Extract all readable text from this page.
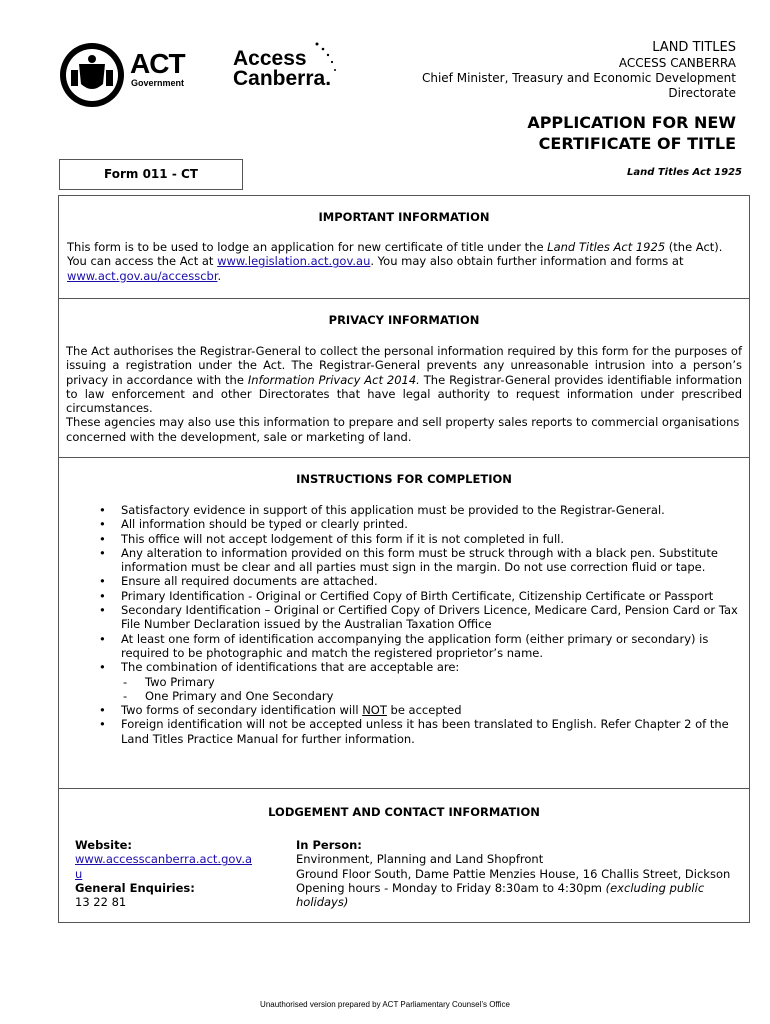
ACT
Government
Access
Canberra.
LAND TITLES
ACCESS CANBERRA
Chief Minister, Treasury and Economic Development
Directorate
APPLICATION FOR NEW
CERTIFICATE OF TITLE
Form 011 - CT	Land Titles Act 1925
IMPORTANT INFORMATION

This form is to be used to lodge an application for new certificate of title under the Land Titles Act 1925 (the Act). You can access the Act at www.legislation.act.gov.au. You may also obtain further information and forms at www.act.gov.au/accesscbr.

PRIVACY INFORMATION

The Act authorises the Registrar-General to collect the personal information required by this form for the purposes of issuing a registration under the Act. The Registrar-General prevents any unreasonable intrusion into a person’s privacy in accordance with the Information Privacy Act 2014. The Registrar-General provides identifiable information to law enforcement and other Directorates that have legal authority to request information under prescribed circumstances.

These agencies may also use this information to prepare and sell property sales reports to commercial organisations concerned with the development, sale or marketing of land.

INSTRUCTIONS FOR COMPLETION
• Satisfactory evidence in support of this application must be provided to the Registrar-General.
• All information should be typed or clearly printed.
• This office will not accept lodgement of this form if it is not completed in full.
• Any alteration to information provided on this form must be struck through with a black pen. Substitute information must be clear and all parties must sign in the margin. Do not use correction fluid or tape.
• Ensure all required documents are attached.
• Primary Identification - Original or Certified Copy of Birth Certificate, Citizenship Certificate or Passport
• Secondary Identification – Original or Certified Copy of Drivers Licence, Medicare Card, Pension Card or Tax File Number Declaration issued by the Australian Taxation Office
• At least one form of identification accompanying the application form (either primary or secondary) is required to be photographic and match the registered proprietor’s name.
• The combination of identifications that are acceptable are:
- Two Primary
- One Primary and One Secondary
• Two forms of secondary identification will NOT be accepted
• Foreign identification will not be accepted unless it has been translated to English. Refer Chapter 2 of the Land Titles Practice Manual for further information.
LODGEMENT AND CONTACT INFORMATION
Website:
www.accesscanberra.act.gov.a
u
General Enquiries:
13 22 81
In Person:
Environment, Planning and Land Shopfront
Ground Floor South, Dame Pattie Menzies House, 16 Challis Street, Dickson
Opening hours - Monday to Friday 8:30am to 4:30pm (excluding public holidays)
Unauthorised version prepared by ACT Parliamentary Counsel’s Office
